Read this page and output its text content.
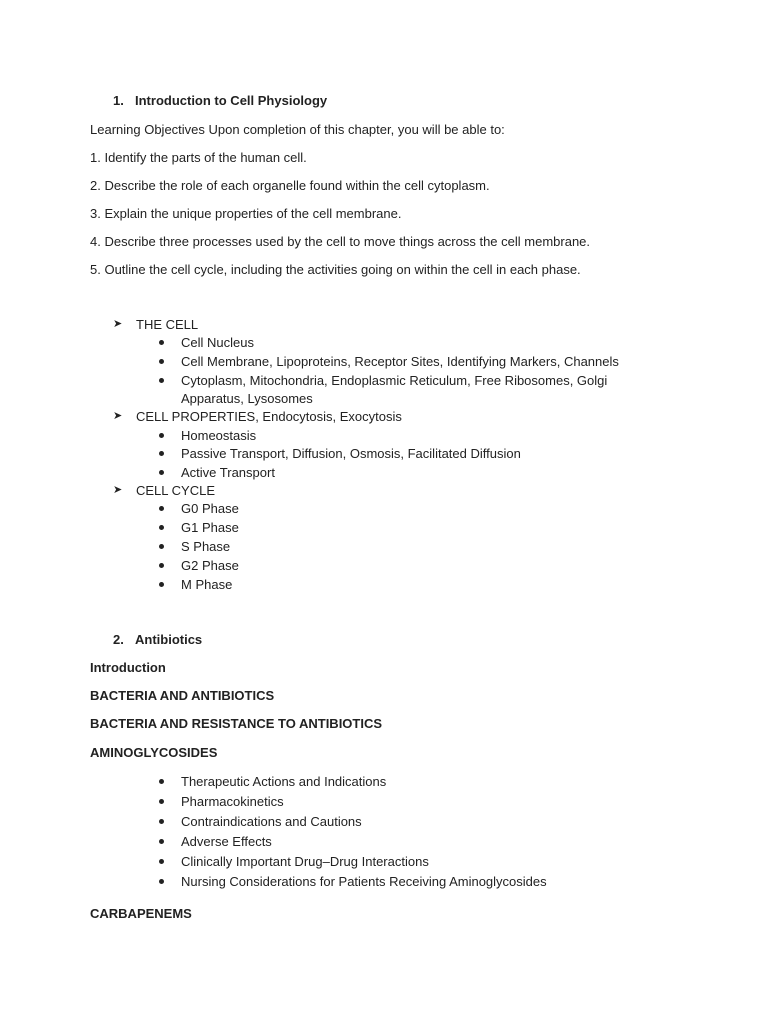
1. Introduction to Cell Physiology
Learning Objectives Upon completion of this chapter, you will be able to:
1. Identify the parts of the human cell.
2. Describe the role of each organelle found within the cell cytoplasm.
3. Explain the unique properties of the cell membrane.
4. Describe three processes used by the cell to move things across the cell membrane.
5. Outline the cell cycle, including the activities going on within the cell in each phase.
➤ THE CELL
Cell Nucleus
Cell Membrane, Lipoproteins, Receptor Sites, Identifying Markers, Channels
Cytoplasm, Mitochondria, Endoplasmic Reticulum, Free Ribosomes, Golgi
Apparatus, Lysosomes
➤ CELL PROPERTIES, Endocytosis, Exocytosis
Homeostasis
Passive Transport, Diffusion, Osmosis, Facilitated Diffusion
Active Transport
➤ CELL CYCLE
G0 Phase
G1 Phase
S Phase
G2 Phase
M Phase
2. Antibiotics
Introduction
BACTERIA AND ANTIBIOTICS
BACTERIA AND RESISTANCE TO ANTIBIOTICS
AMINOGLYCOSIDES
Therapeutic Actions and Indications
Pharmacokinetics
Contraindications and Cautions
Adverse Effects
Clinically Important Drug–Drug Interactions
Nursing Considerations for Patients Receiving Aminoglycosides
CARBAPENEMS
